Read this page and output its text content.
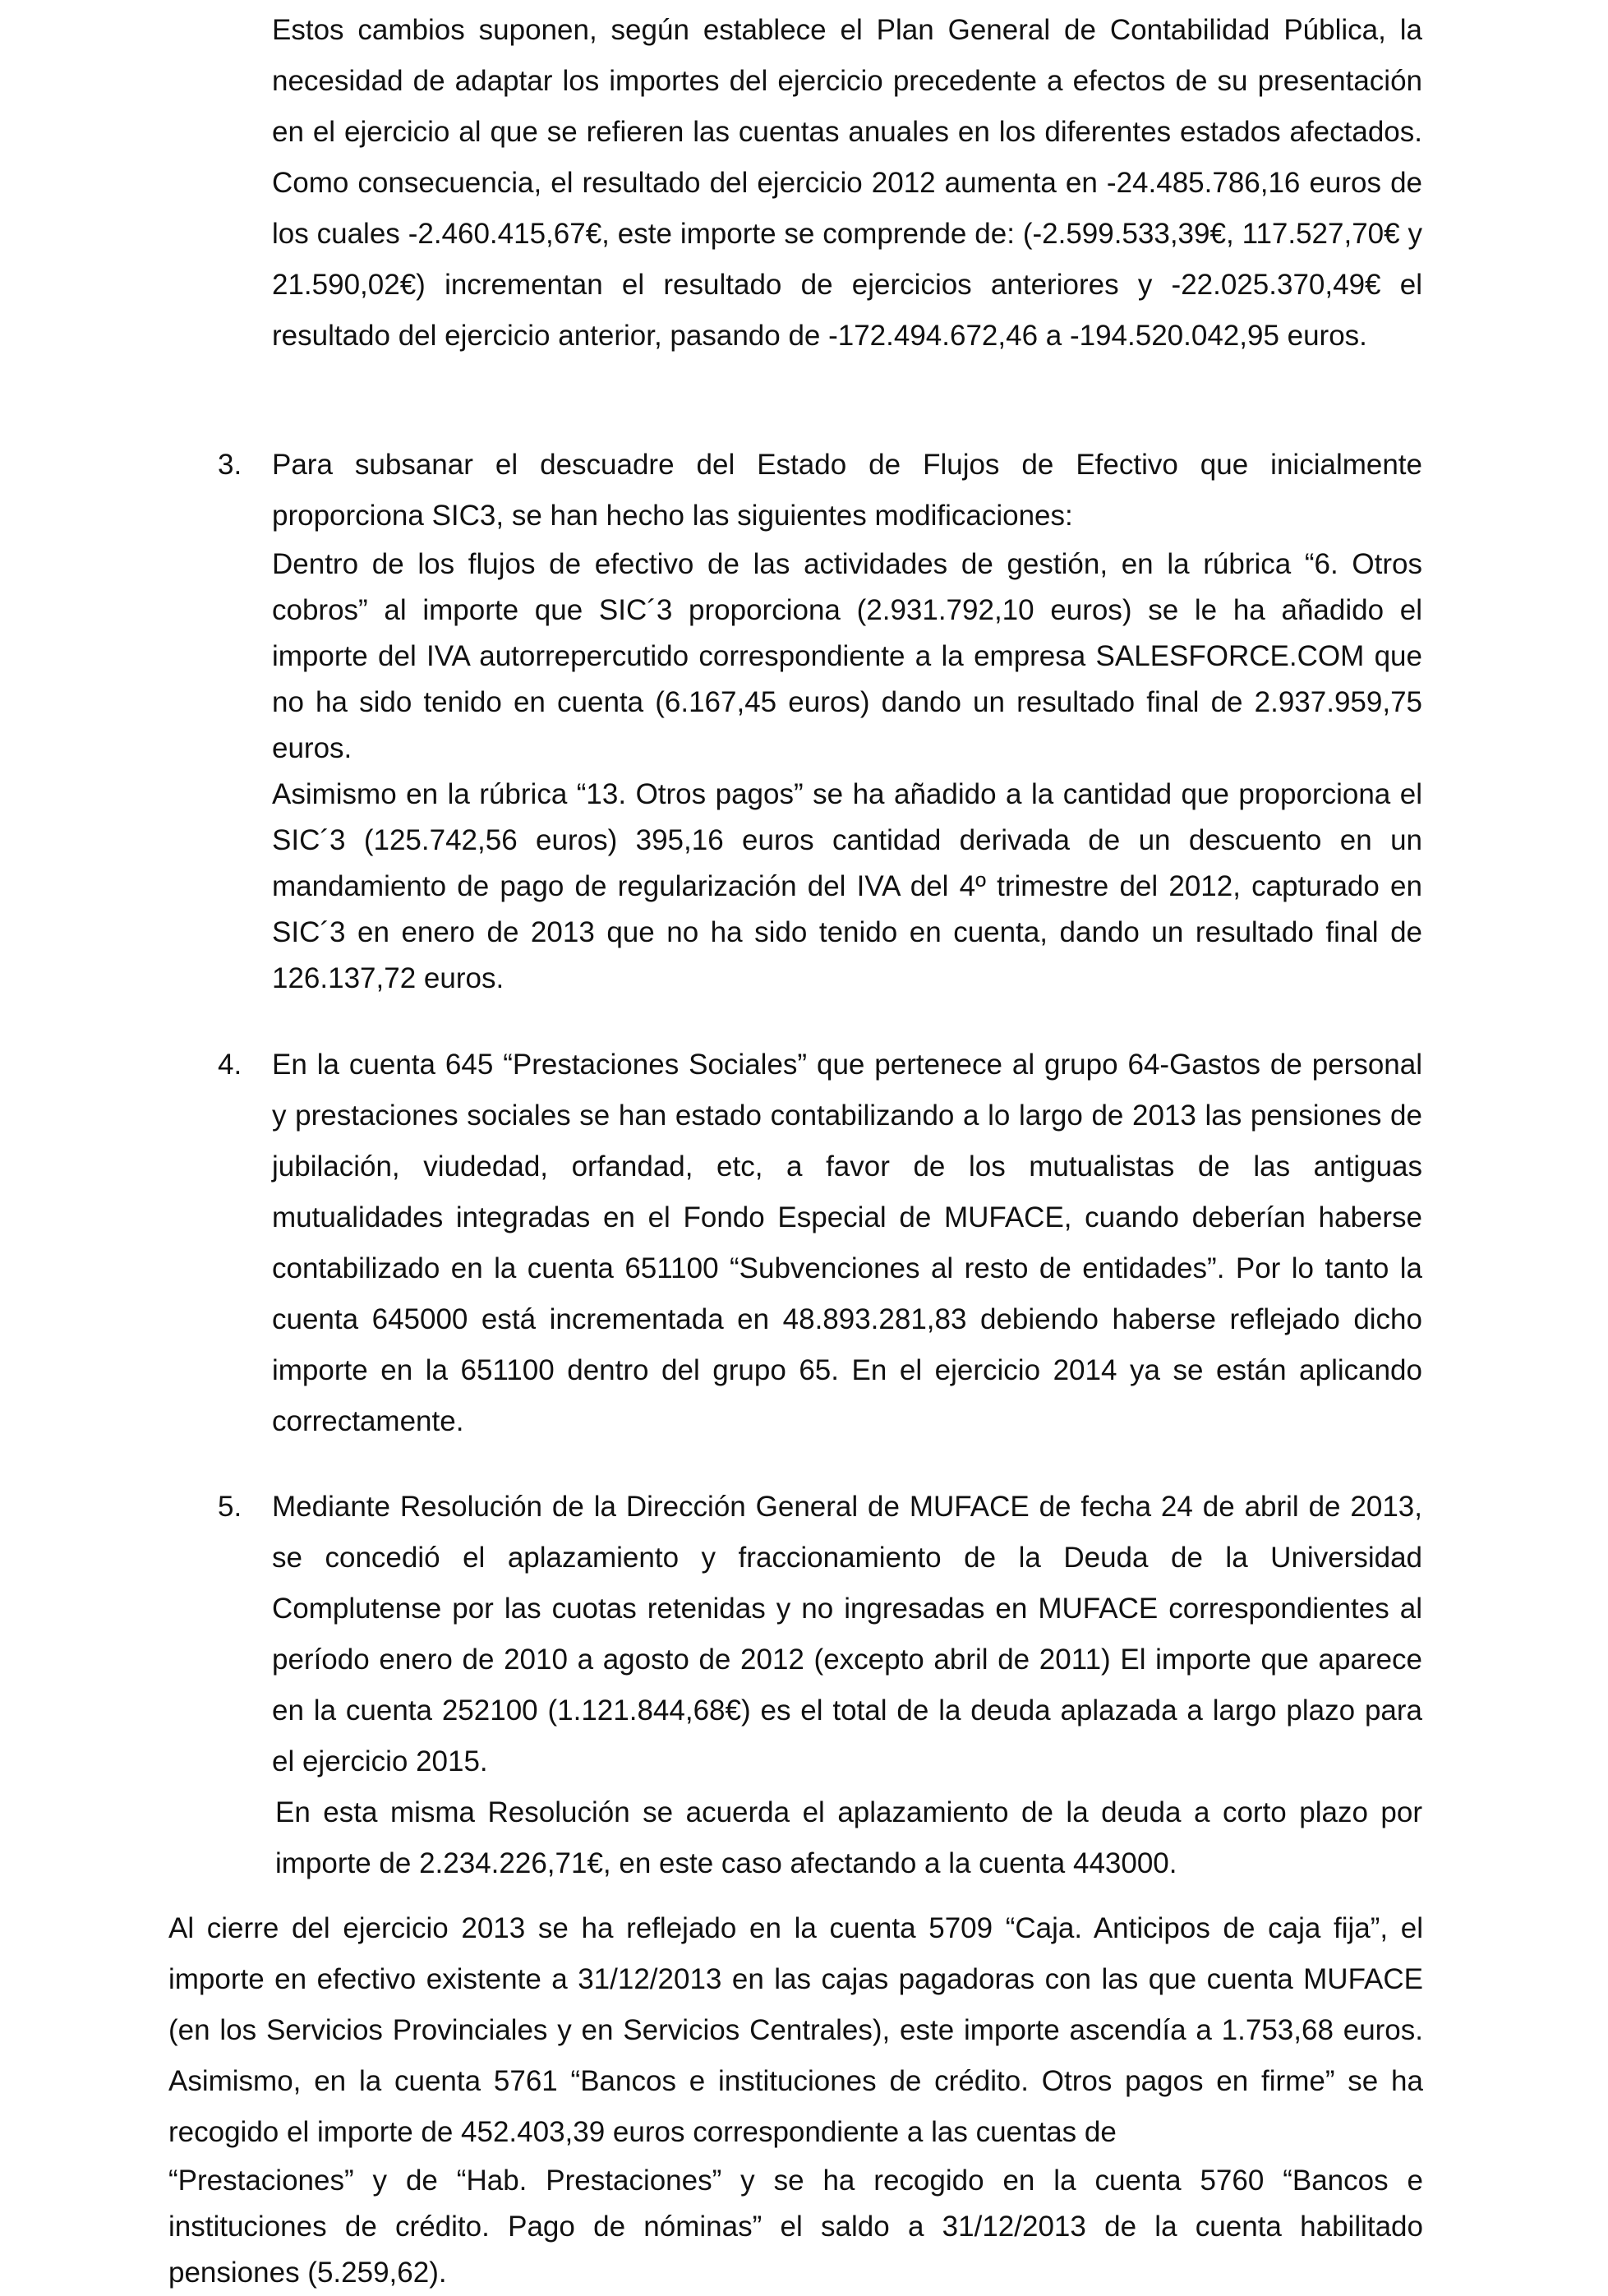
Estos cambios suponen, según establece el Plan General de Contabilidad Pública, la necesidad de adaptar los importes del ejercicio precedente a efectos de su presentación en el ejercicio al que se refieren las cuentas anuales en los diferentes estados afectados. Como consecuencia, el resultado del ejercicio 2012 aumenta en -24.485.786,16 euros de los cuales -2.460.415,67€, este importe se comprende de: (-2.599.533,39€, 117.527,70€ y 21.590,02€) incrementan el resultado de ejercicios anteriores y -22.025.370,49€ el resultado del ejercicio anterior, pasando de -172.494.672,46 a -194.520.042,95 euros.

3.	Para subsanar el descuadre del Estado de Flujos de Efectivo que inicialmente proporciona SIC3, se han hecho las siguientes modificaciones:

Dentro de los flujos de efectivo de las actividades de gestión, en la rúbrica “6. Otros cobros” al importe que SIC´3 proporciona (2.931.792,10 euros) se le ha añadido el importe del IVA autorrepercutido correspondiente a la empresa SALESFORCE.COM que no ha sido tenido en cuenta (6.167,45 euros) dando un resultado final de 2.937.959,75 euros.

Asimismo en la rúbrica “13. Otros pagos” se ha añadido a la cantidad que proporciona el SIC´3 (125.742,56 euros) 395,16 euros cantidad derivada de un descuento en un mandamiento de pago de regularización del IVA del 4º trimestre del 2012, capturado en SIC´3 en enero de 2013 que no ha sido tenido en cuenta, dando un resultado final de 126.137,72 euros.

4.	En la cuenta 645 “Prestaciones Sociales” que pertenece al grupo 64-Gastos de personal y prestaciones sociales se han estado contabilizando a lo largo de 2013 las pensiones de jubilación, viudedad, orfandad, etc, a favor de los mutualistas de las antiguas mutualidades integradas en el Fondo Especial de MUFACE, cuando deberían haberse contabilizado en la cuenta 651100 “Subvenciones al resto de entidades”. Por lo tanto la cuenta 645000 está incrementada en 48.893.281,83 debiendo haberse reflejado dicho importe en la 651100 dentro del grupo 65. En el ejercicio 2014 ya se están aplicando correctamente.

5.	Mediante Resolución de la Dirección General de MUFACE de fecha 24 de abril de 2013, se concedió el aplazamiento y fraccionamiento de la Deuda de la Universidad Complutense por las cuotas retenidas y no ingresadas en MUFACE correspondientes al período enero de 2010 a agosto de 2012 (excepto abril de 2011) El importe que aparece en la cuenta 252100 (1.121.844,68€) es el total de la deuda aplazada a largo plazo para el ejercicio 2015.

En esta misma Resolución se acuerda el aplazamiento de la deuda a corto plazo por importe de 2.234.226,71€, en este caso afectando a la cuenta 443000.

Al cierre del ejercicio 2013 se ha reflejado en la cuenta 5709 “Caja. Anticipos de caja fija”, el importe en efectivo existente a 31/12/2013 en las cajas pagadoras con las que cuenta MUFACE (en los Servicios Provinciales y en Servicios Centrales), este importe ascendía a 1.753,68 euros. Asimismo, en la cuenta 5761 “Bancos e instituciones de crédito. Otros pagos en firme” se ha recogido el importe de 452.403,39 euros correspondiente a las cuentas de

“Prestaciones” y de “Hab. Prestaciones” y se ha recogido en la cuenta 5760 “Bancos e instituciones de crédito. Pago de nóminas” el saldo a 31/12/2013 de la cuenta habilitado pensiones (5.259,62).
